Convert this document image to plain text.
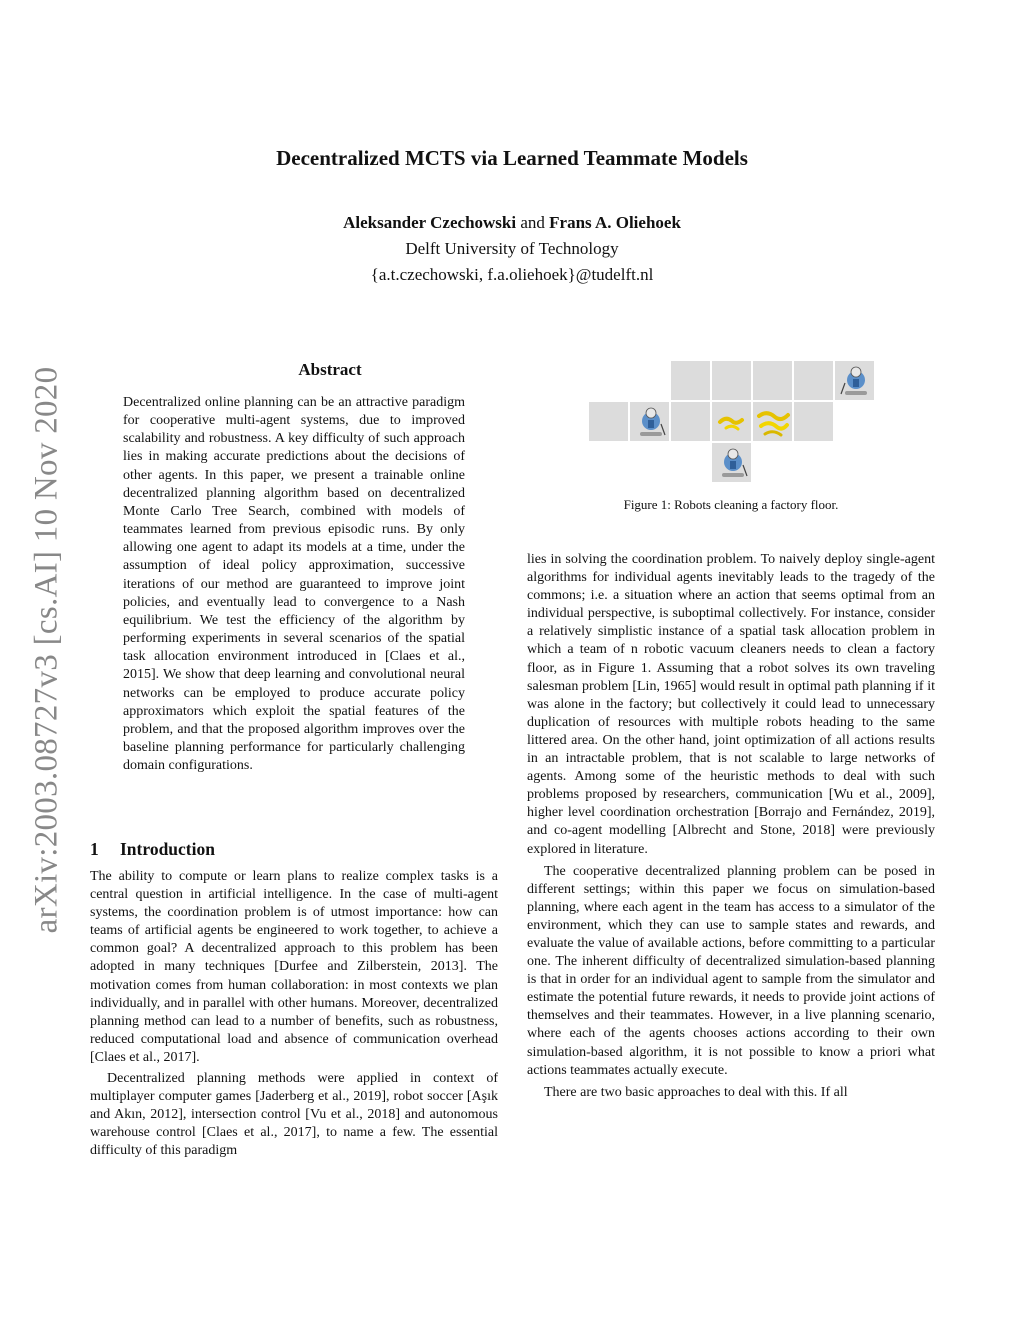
Decentralized MCTS via Learned Teammate Models
Aleksander Czechowski and Frans A. Oliehoek
Delft University of Technology
{a.t.czechowski, f.a.oliehoek}@tudelft.nl
arXiv:2003.08727v3 [cs.AI] 10 Nov 2020	Abstract
Decentralized online planning can be an attractive paradigm for cooperative multi-agent systems, due to improved scalability and robustness. A key difficulty of such approach lies in making accurate predictions about the decisions of other agents. In this paper, we present a trainable online decentralized planning algorithm based on decentralized Monte Carlo Tree Search, combined with models of teammates learned from previous episodic runs. By only allowing one agent to adapt its models at a time, under the assumption of ideal policy approximation, successive iterations of our method are guaranteed to improve joint policies, and eventually lead to convergence to a Nash equilibrium. We test the efficiency of the algorithm by performing experiments in several scenarios of the spatial task allocation environment introduced in [Claes et al., 2015]. We show that deep learning and convolutional neural networks can be employed to produce accurate policy approximators which exploit the spatial features of the problem, and that the proposed algorithm improves over the baseline planning performance for particularly challenging domain configurations.
1 Introduction

The ability to compute or learn plans to realize complex tasks is a central question in artificial intelligence. In the case of multi-agent systems, the coordination problem is of utmost importance: how can teams of artificial agents be engineered to work together, to achieve a common goal? A decentralized approach to this problem has been adopted in many techniques [Durfee and Zilberstein, 2013]. The motivation comes from human collaboration: in most contexts we plan individually, and in parallel with other humans. Moreover, decentralized planning method can lead to a number of benefits, such as robustness, reduced computational load and absence of communication overhead [Claes et al., 2017].

Decentralized planning methods were applied in context of multiplayer computer games [Jaderberg et al., 2019], robot soccer [Aşık and Akın, 2012], intersection control [Vu et al., 2018] and autonomous warehouse control [Claes et al., 2017], to name a few. The essential difficulty of this paradigm

Figure 1: Robots cleaning a factory floor.

lies in solving the coordination problem. To naively deploy single-agent algorithms for individual agents inevitably leads to the tragedy of the commons; i.e. a situation where an action that seems optimal from an individual perspective, is suboptimal collectively. For instance, consider a relatively simplistic instance of a spatial task allocation problem in which a team of n robotic vacuum cleaners needs to clean a factory floor, as in Figure 1. Assuming that a robot solves its own traveling salesman problem [Lin, 1965] would result in optimal path planning if it was alone in the factory; but collectively it could lead to unnecessary duplication of resources with multiple robots heading to the same littered area. On the other hand, joint optimization of all actions results in an intractable problem, that is not scalable to large networks of agents. Among some of the heuristic methods to deal with such problems proposed by researchers, communication [Wu et al., 2009], higher level coordination orchestration [Borrajo and Fernández, 2019], and co-agent modelling [Albrecht and Stone, 2018] were previously explored in literature.

The cooperative decentralized planning problem can be posed in different settings; within this paper we focus on simulation-based planning, where each agent in the team has access to a simulator of the environment, which they can use to sample states and rewards, and evaluate the value of available actions, before committing to a particular one. The inherent difficulty of decentralized simulation-based planning is that in order for an individual agent to sample from the simulator and estimate the potential future rewards, it needs to provide joint actions of themselves and their teammates. However, in a live planning scenario, where each of the agents chooses actions according to their own simulation-based algorithm, it is not possible to know a priori what actions teammates actually execute.

There are two basic approaches to deal with this. If all
